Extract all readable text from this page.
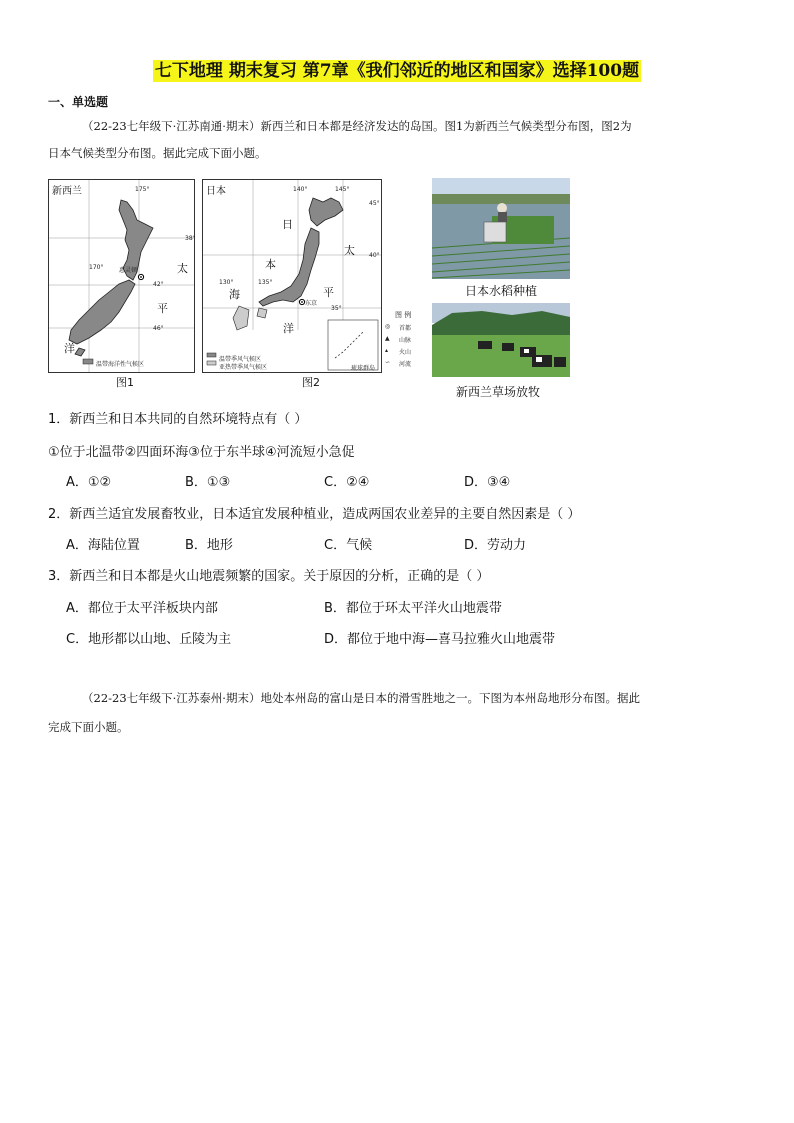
七下地理 期末复习 第7章《我们邻近的地区和国家》选择100题
一、单选题
（22-23七年级下·江苏南通·期末）新西兰和日本都是经济发达的岛国。图1为新西兰气候类型分布图，图2为
日本气候类型分布图。据此完成下面小题。
新西兰	175°
38°
42°
46°
170°	惠灵顿	太
平
洋
温带海洋性气候区
图1
日本	140°	145°
45°
40°
130°	135°
35°
东京
日
本
海
太
平
洋
温带季风气候区
亚热带季风气候区	琉球群岛
图 例
◎ 首都
▲ 山脉
▴ 火山
∽ 河流
图2
日本水稻种植
新西兰草场放牧
1．新西兰和日本共同的自然环境特点有（ ）
①位于北温带②四面环海③位于东半球④河流短小急促
A．①②	B．①③	C．②④	D．③④
2．新西兰适宜发展畜牧业，日本适宜发展种植业，造成两国农业差异的主要自然因素是（ ）
A．海陆位置	B．地形	C．气候	D．劳动力
3．新西兰和日本都是火山地震频繁的国家。关于原因的分析，正确的是（ ）
A．都位于太平洋板块内部	B．都位于环太平洋火山地震带
C．地形都以山地、丘陵为主	D．都位于地中海—喜马拉雅火山地震带
（22-23七年级下·江苏泰州·期末）地处本州岛的富山是日本的滑雪胜地之一。下图为本州岛地形分布图。据此
完成下面小题。
